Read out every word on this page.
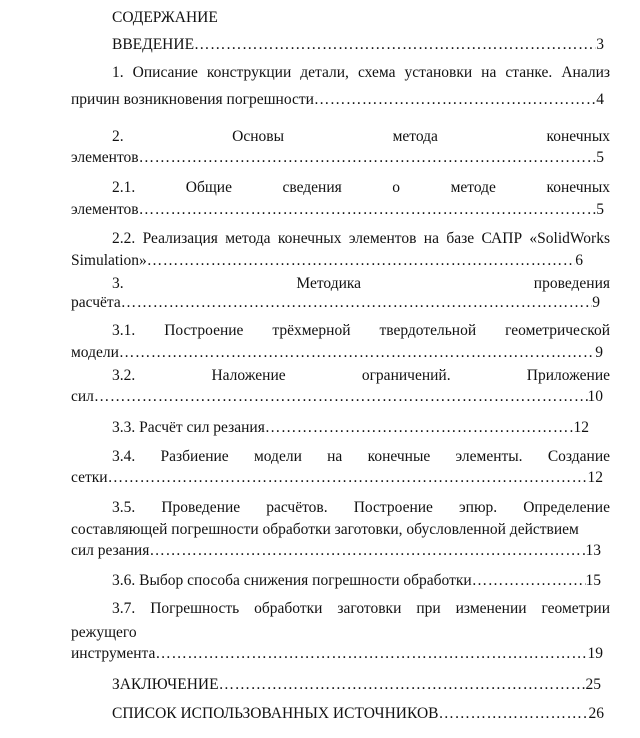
СОДЕРЖАНИЕ
ВВЕДЕНИЕ ……………………………………………………………………………………………………………………………………………………	3
1. Описание конструкции детали, схема установки на станке. Анализ
причин возникновения погрешности ……………………………………………………………………………………………………………………………………………………	4
2. Основы метода конечных
элементов ……………………………………………………………………………………………………………………………………………………	5
2.1. Общие сведения о методе конечных
элементов ……………………………………………………………………………………………………………………………………………………	5
2.2. Реализация метода конечных элементов на базе САПР «SolidWorks
Simulation» ……………………………………………………………………………………………………………………………………………………	6
3. Методика проведения
расчёта ……………………………………………………………………………………………………………………………………………………	9
3.1. Построение трёхмерной твердотельной геометрической
модели ……………………………………………………………………………………………………………………………………………………	9
3.2. Наложение ограничений. Приложение
сил ……………………………………………………………………………………………………………………………………………………	10
3.3. Расчёт сил резания ……………………………………………………………………………………………………………………………………………………	12
3.4. Разбиение модели на конечные элементы. Создание
сетки ……………………………………………………………………………………………………………………………………………………	12
3.5. Проведение расчётов. Построение эпюр. Определение
составляющей погрешности обработки заготовки, обусловленной действием
сил резания ……………………………………………………………………………………………………………………………………………………	13
3.6. Выбор способа снижения погрешности обработки ……………………………………………………………………………………………………………………………………………………	15
3.7. Погрешность обработки заготовки при изменении геометрии
режущего
инструмента ……………………………………………………………………………………………………………………………………………………	19
ЗАКЛЮЧЕНИЕ ……………………………………………………………………………………………………………………………………………………	25
СПИСОК ИСПОЛЬЗОВАННЫХ ИСТОЧНИКОВ ……………………………………………………………………………………………………………………………………………………	26
